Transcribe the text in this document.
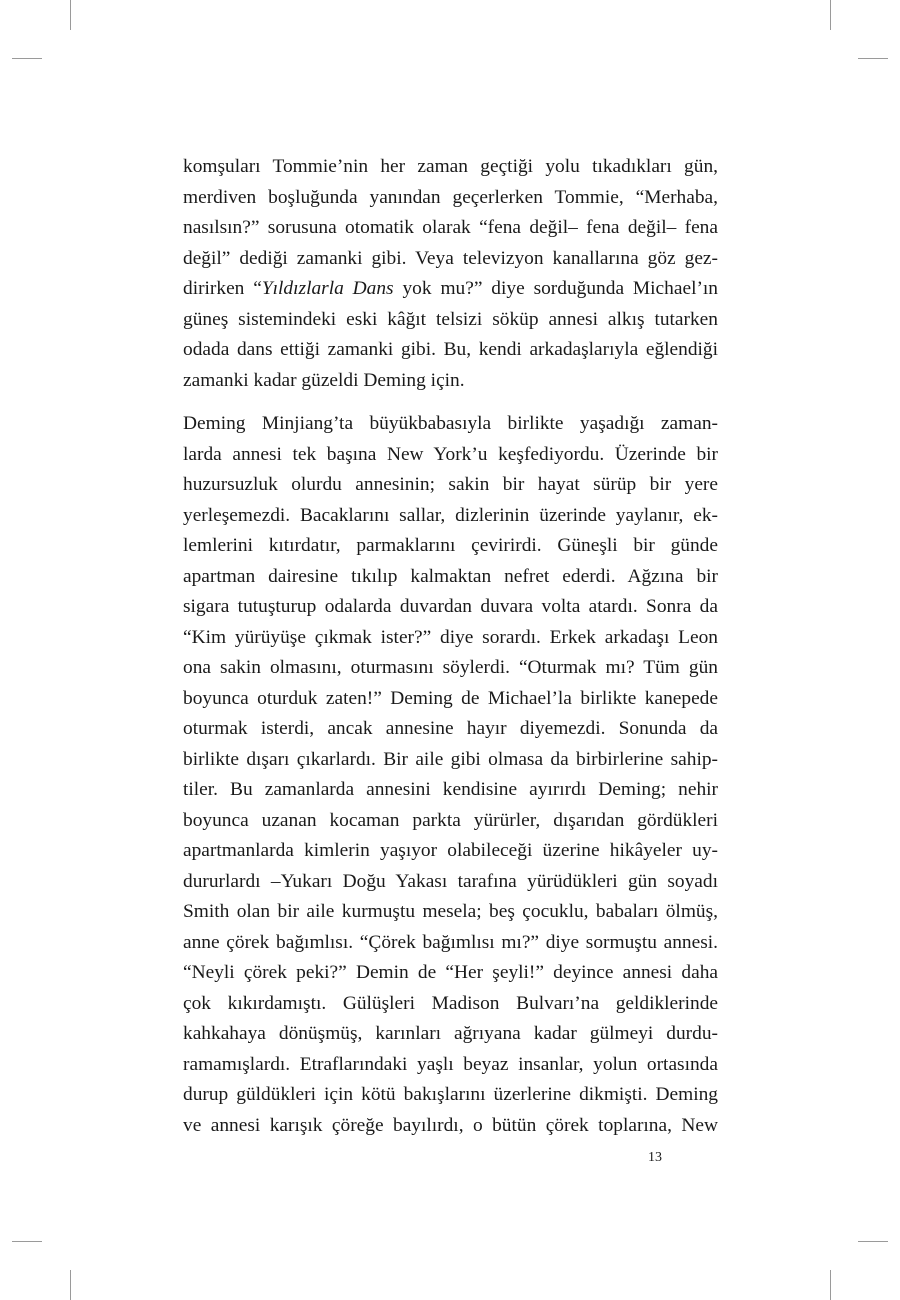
komşuları Tommie’nin her zaman geçtiği yolu tıkadıkları gün,
merdiven boşluğunda yanından geçerlerken Tommie, “Merhaba,
nasılsın?” sorusuna otomatik olarak “fena değil– fena değil– fena
değil” dediği zamanki gibi. Veya televizyon kanallarına göz gez-
dirirken “Yıldızlarla Dans yok mu?” diye sorduğunda Michael’ın
güneş sistemindeki eski kâğıt telsizi söküp annesi alkış tutarken
odada dans ettiği zamanki gibi. Bu, kendi arkadaşlarıyla eğlendiği
zamanki kadar güzeldi Deming için.
Deming Minjiang’ta büyükbabasıyla birlikte yaşadığı zaman-
larda annesi tek başına New York’u keşfediyordu. Üzerinde bir
huzursuzluk olurdu annesinin; sakin bir hayat sürüp bir yere
yerleşemezdi. Bacaklarını sallar, dizlerinin üzerinde yaylanır, ek-
lemlerini kıtırdatır, parmaklarını çevirirdi. Güneşli bir günde
apartman dairesine tıkılıp kalmaktan nefret ederdi. Ağzına bir
sigara tutuşturup odalarda duvardan duvara volta atardı. Sonra da
“Kim yürüyüşe çıkmak ister?” diye sorardı. Erkek arkadaşı Leon
ona sakin olmasını, oturmasını söylerdi. “Oturmak mı? Tüm gün
boyunca oturduk zaten!” Deming de Michael’la birlikte kanepede
oturmak isterdi, ancak annesine hayır diyemezdi. Sonunda da
birlikte dışarı çıkarlardı. Bir aile gibi olmasa da birbirlerine sahip-
tiler. Bu zamanlarda annesini kendisine ayırırdı Deming; nehir
boyunca uzanan kocaman parkta yürürler, dışarıdan gördükleri
apartmanlarda kimlerin yaşıyor olabileceği üzerine hikâyeler uy-
dururlardı –Yukarı Doğu Yakası tarafına yürüdükleri gün soyadı
Smith olan bir aile kurmuştu mesela; beş çocuklu, babaları ölmüş,
anne çörek bağımlısı. “Çörek bağımlısı mı?” diye sormuştu annesi.
“Neyli çörek peki?” Demin de “Her şeyli!” deyince annesi daha
çok kıkırdamıştı. Gülüşleri Madison Bulvarı’na geldiklerinde
kahkahaya dönüşmüş, karınları ağrıyana kadar gülmeyi durdu-
ramamışlardı. Etraflarındaki yaşlı beyaz insanlar, yolun ortasında
durup güldükleri için kötü bakışlarını üzerlerine dikmişti. Deming
ve annesi karışık çöreğe bayılırdı, o bütün çörek toplarına, New
13
